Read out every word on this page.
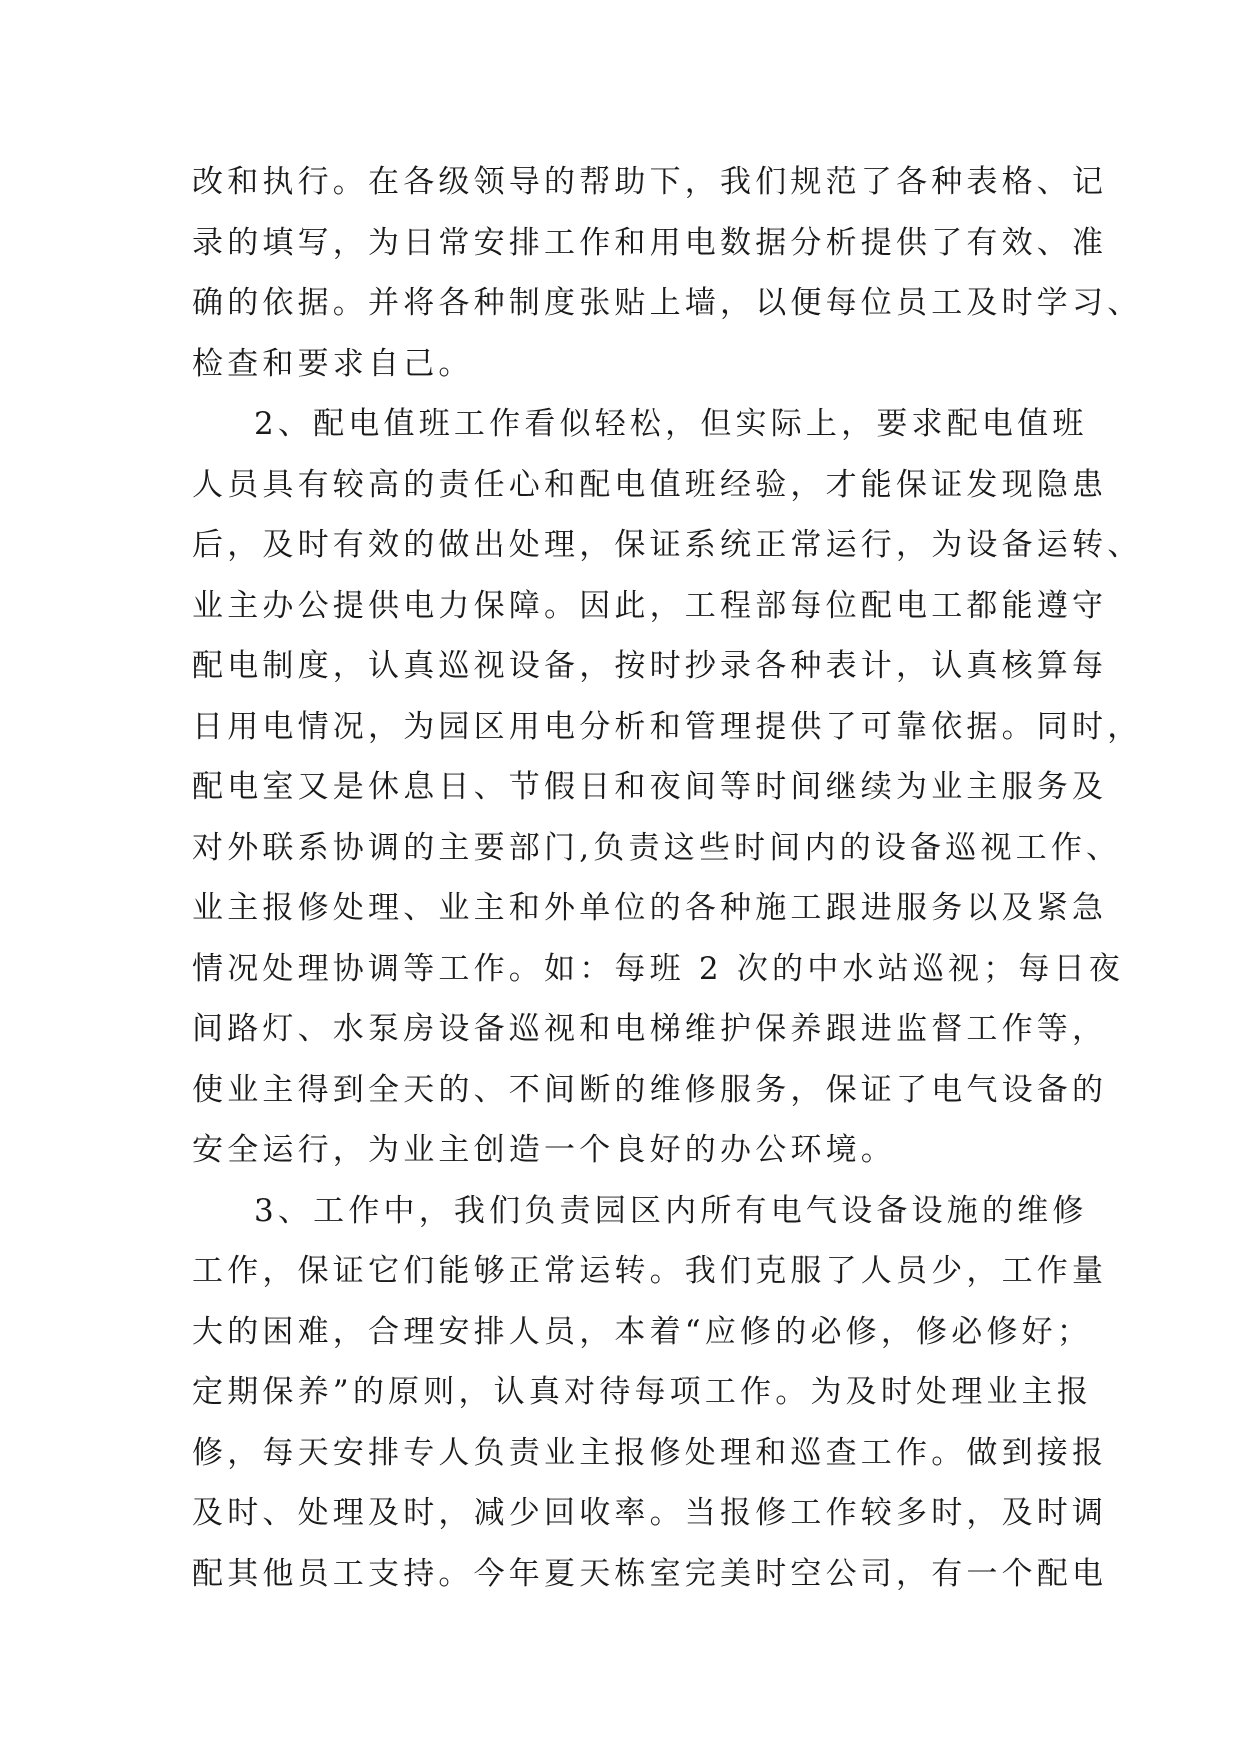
改和执行。在各级领导的帮助下，我们规范了各种表格、记
录的填写，为日常安排工作和用电数据分析提供了有效、准
确的依据。并将各种制度张贴上墙，以便每位员工及时学习、
检查和要求自己。
2、配电值班工作看似轻松，但实际上，要求配电值班
人员具有较高的责任心和配电值班经验，才能保证发现隐患
后，及时有效的做出处理，保证系统正常运行，为设备运转、
业主办公提供电力保障。因此，工程部每位配电工都能遵守
配电制度，认真巡视设备，按时抄录各种表计，认真核算每
日用电情况，为园区用电分析和管理提供了可靠依据。同时，
配电室又是休息日、节假日和夜间等时间继续为业主服务及
对外联系协调的主要部门,负责这些时间内的设备巡视工作、
业主报修处理、业主和外单位的各种施工跟进服务以及紧急
情况处理协调等工作。如：每班 2 次的中水站巡视；每日夜
间路灯、水泵房设备巡视和电梯维护保养跟进监督工作等，
使业主得到全天的、不间断的维修服务，保证了电气设备的
安全运行，为业主创造一个良好的办公环境。
3、工作中，我们负责园区内所有电气设备设施的维修
工作，保证它们能够正常运转。我们克服了人员少，工作量
大的困难，合理安排人员，本着“应修的必修，修必修好；
定期保养”的原则，认真对待每项工作。为及时处理业主报
修，每天安排专人负责业主报修处理和巡查工作。做到接报
及时、处理及时，减少回收率。当报修工作较多时，及时调
配其他员工支持。今年夏天栋室完美时空公司，有一个配电
